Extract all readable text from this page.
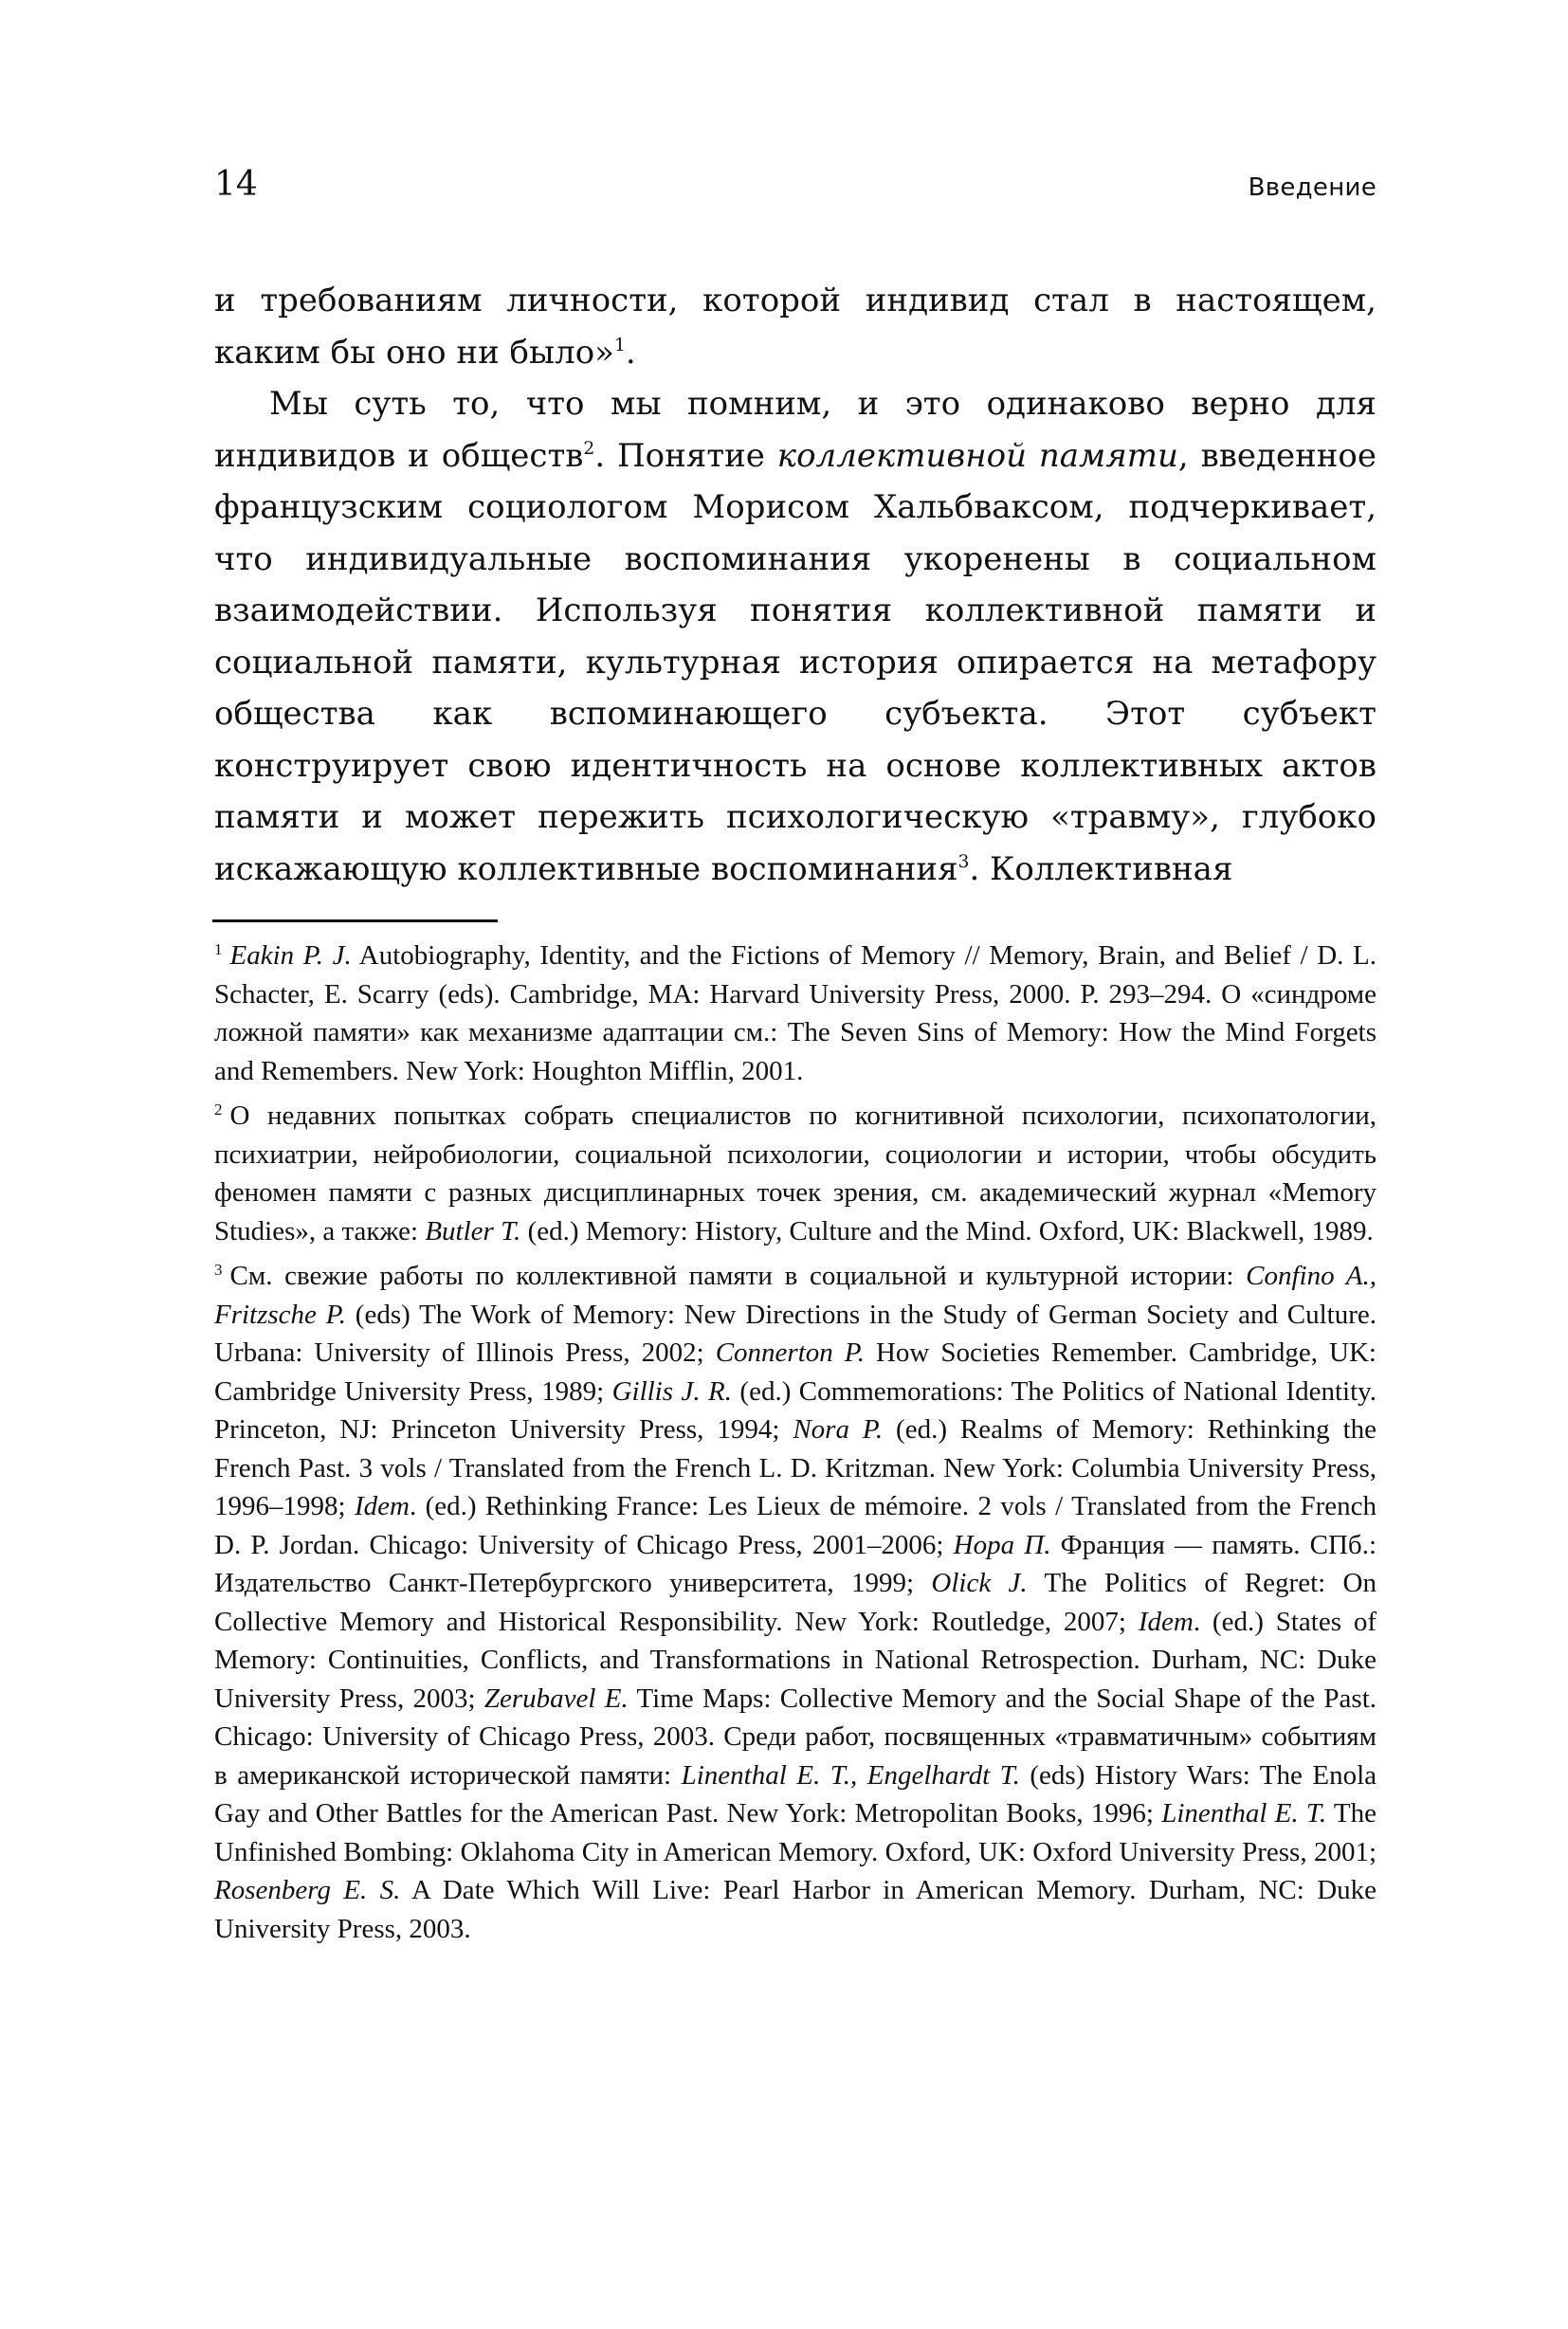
14	Введение

и требованиям личности, которой индивид стал в настоящем, каким бы оно ни было»$^1$.

Мы суть то, что мы помним, и это одинаково верно для индивидов и обществ$^2$. Понятие коллективной памяти, введенное французским социологом Морисом Хальбваксом, подчеркивает, что индивидуальные воспоминания укоренены в социальном взаимодействии. Используя понятия коллективной памяти и социальной памяти, культурная история опирается на метафору общества как вспоминающего субъекта. Этот субъект конструирует свою идентичность на основе коллективных актов памяти и может пережить психологическую «травму», глубоко искажающую коллективные воспоминания$^3$. Коллективная

$^1$ Eakin P. J. Autobiography, Identity, and the Fictions of Memory // Memory, Brain, and Belief / D. L. Schacter, E. Scarry (eds). Cambridge, MA: Harvard University Press, 2000. P. 293–294. О «синдроме ложной памяти» как механизме адаптации см.: The Seven Sins of Memory: How the Mind Forgets and Remembers. New York: Houghton Mifflin, 2001.

$^2$ О недавних попытках собрать специалистов по когнитивной психологии, психопатологии, психиатрии, нейробиологии, социальной психологии, социологии и истории, чтобы обсудить феномен памяти с разных дисциплинарных точек зрения, см. академический журнал «Memory Studies», а также: Butler T. (ed.) Memory: History, Culture and the Mind. Oxford, UK: Blackwell, 1989.

$^3$ См. свежие работы по коллективной памяти в социальной и культурной истории: Confino A., Fritzsche P. (eds) The Work of Memory: New Directions in the Study of German Society and Culture. Urbana: University of Illinois Press, 2002; Connerton P. How Societies Remember. Cambridge, UK: Cambridge University Press, 1989; Gillis J. R. (ed.) Commemorations: The Politics of National Identity. Princeton, NJ: Princeton University Press, 1994; Nora P. (ed.) Realms of Memory: Rethinking the French Past. 3 vols / Translated from the French L. D. Kritzman. New York: Columbia University Press, 1996–1998; Idem. (ed.) Rethinking France: Les Lieux de mémoire. 2 vols / Translated from the French D. P. Jordan. Chicago: University of Chicago Press, 2001–2006; Нора П. Франция — память. СПб.: Издательство Санкт-Петербургского университета, 1999; Olick J. The Politics of Regret: On Collective Memory and Historical Responsibility. New York: Routledge, 2007; Idem. (ed.) States of Memory: Continuities, Conflicts, and Transformations in National Retrospection. Durham, NC: Duke University Press, 2003; Zerubavel E. Time Maps: Collective Memory and the Social Shape of the Past. Chicago: University of Chicago Press, 2003. Среди работ, посвященных «травматичным» событиям в американской исторической памяти: Linenthal E. T., Engelhardt T. (eds) History Wars: The Enola Gay and Other Battles for the American Past. New York: Metropolitan Books, 1996; Linenthal E. T. The Unfinished Bombing: Oklahoma City in American Memory. Oxford, UK: Oxford University Press, 2001; Rosenberg E. S. A Date Which Will Live: Pearl Harbor in American Memory. Durham, NC: Duke University Press, 2003.
